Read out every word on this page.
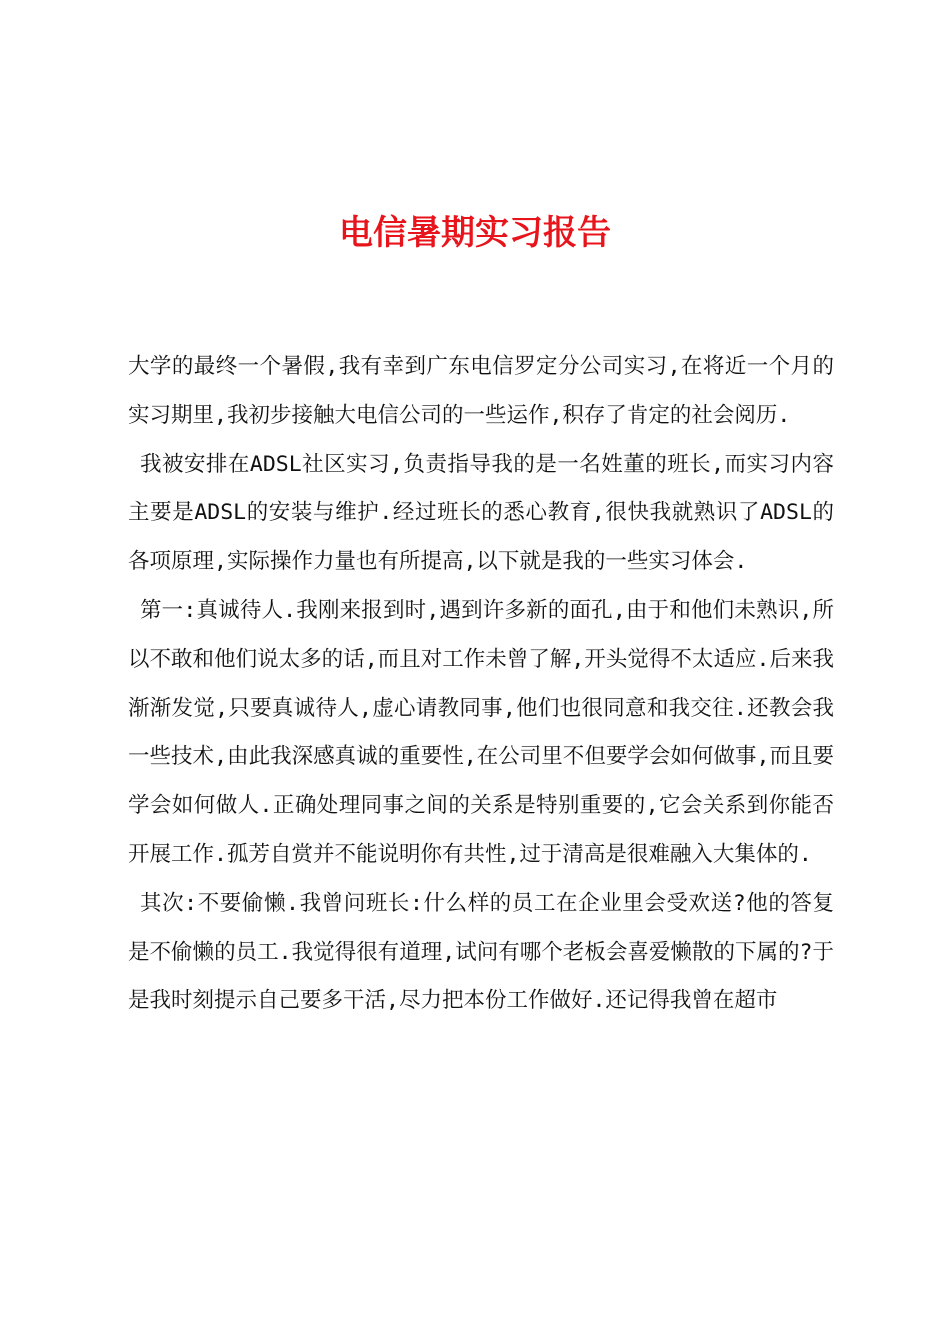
电信暑期实习报告

大学的最终一个暑假,我有幸到广东电信罗定分公司实习,在将近一个月的实习期里,我初步接触大电信公司的一些运作,积存了肯定的社会阅历.

我被安排在ADSL社区实习,负责指导我的是一名姓董的班长,而实习内容主要是ADSL的安装与维护.经过班长的悉心教育,很快我就熟识了ADSL的各项原理,实际操作力量也有所提高,以下就是我的一些实习体会.

第一:真诚待人.我刚来报到时,遇到许多新的面孔,由于和他们未熟识,所以不敢和他们说太多的话,而且对工作未曾了解,开头觉得不太适应.后来我渐渐发觉,只要真诚待人,虚心请教同事,他们也很同意和我交往.还教会我一些技术,由此我深感真诚的重要性,在公司里不但要学会如何做事,而且要学会如何做人.正确处理同事之间的关系是特别重要的,它会关系到你能否开展工作.孤芳自赏并不能说明你有共性,过于清高是很难融入大集体的.

其次:不要偷懒.我曾问班长:什么样的员工在企业里会受欢送?他的答复是不偷懒的员工.我觉得很有道理,试问有哪个老板会喜爱懒散的下属的?于是我时刻提示自己要多干活,尽力把本份工作做好.还记得我曾在超市
